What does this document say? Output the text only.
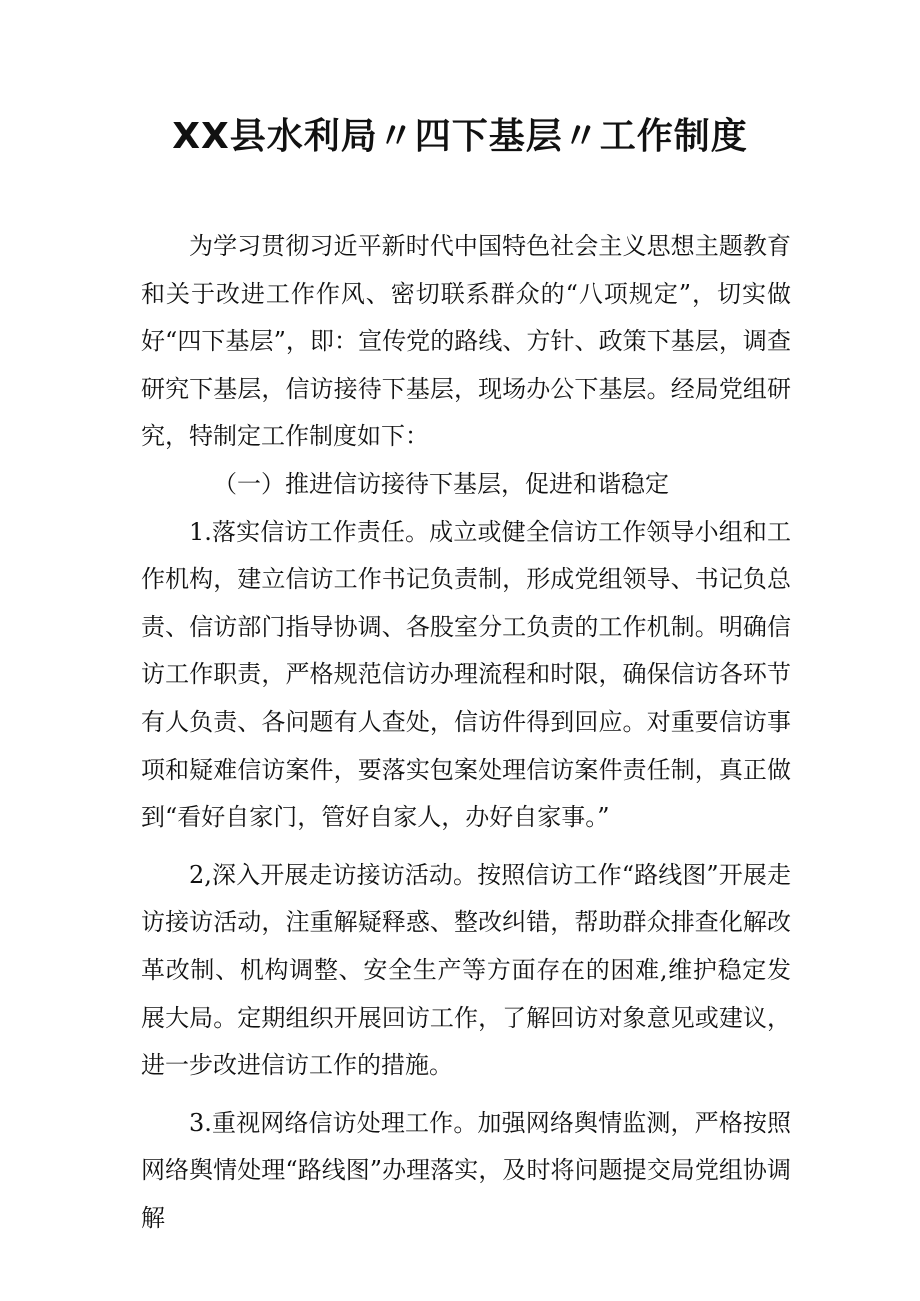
XX县水利局〃四下基层〃工作制度

为学习贯彻习近平新时代中国特色社会主义思想主题教育和关于改进工作作风、密切联系群众的“八项规定”，切实做好“四下基层”，即：宣传党的路线、方针、政策下基层，调查研究下基层，信访接待下基层，现场办公下基层。经局党组研究，特制定工作制度如下：

（一）推进信访接待下基层，促进和谐稳定

1.落实信访工作责任。成立或健全信访工作领导小组和工作机构，建立信访工作书记负责制，形成党组领导、书记负总责、信访部门指导协调、各股室分工负责的工作机制。明确信访工作职责，严格规范信访办理流程和时限，确保信访各环节有人负责、各问题有人查处，信访件得到回应。对重要信访事项和疑难信访案件，要落实包案处理信访案件责任制，真正做到“看好自家门，管好自家人，办好自家事。”

2,深入开展走访接访活动。按照信访工作“路线图”开展走访接访活动，注重解疑释惑、整改纠错，帮助群众排查化解改革改制、机构调整、安全生产等方面存在的困难,维护稳定发展大局。定期组织开展回访工作，了解回访对象意见或建议，进一步改进信访工作的措施。

3.重视网络信访处理工作。加强网络舆情监测，严格按照网络舆情处理“路线图”办理落实，及时将问题提交局党组协调解
